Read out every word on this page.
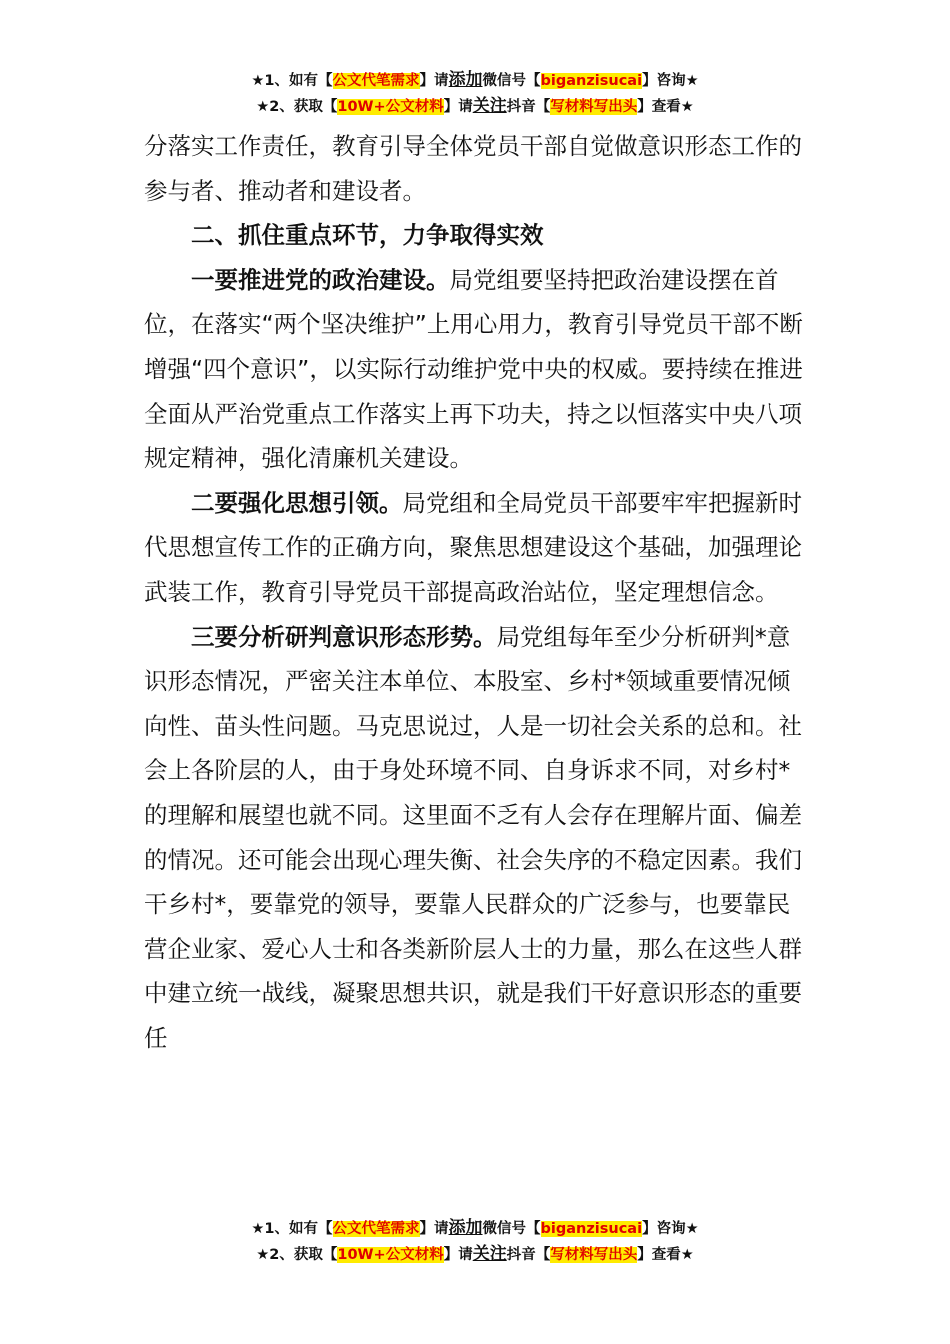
★1、如有【公文代笔需求】请添加微信号【biganzisucai】咨询★
★2、获取【10W+公文材料】请关注抖音【写材料写出头】查看★

分落实工作责任，教育引导全体党员干部自觉做意识形态工作的参与者、推动者和建设者。

二、抓住重点环节，力争取得实效

一要推进党的政治建设。局党组要坚持把政治建设摆在首位，在落实“两个坚决维护”上用心用力，教育引导党员干部不断增强“四个意识”，以实际行动维护党中央的权威。要持续在推进全面从严治党重点工作落实上再下功夫，持之以恒落实中央八项规定精神，强化清廉机关建设。

二要强化思想引领。局党组和全局党员干部要牢牢把握新时代思想宣传工作的正确方向，聚焦思想建设这个基础，加强理论武装工作，教育引导党员干部提高政治站位，坚定理想信念。

三要分析研判意识形态形势。局党组每年至少分析研判*意识形态情况，严密关注本单位、本股室、乡村*领域重要情况倾向性、苗头性问题。马克思说过，人是一切社会关系的总和。社会上各阶层的人，由于身处环境不同、自身诉求不同，对乡村*的理解和展望也就不同。这里面不乏有人会存在理解片面、偏差的情况。还可能会出现心理失衡、社会失序的不稳定因素。我们干乡村*，要靠党的领导，要靠人民群众的广泛参与，也要靠民营企业家、爱心人士和各类新阶层人士的力量，那么在这些人群中建立统一战线，凝聚思想共识，就是我们干好意识形态的重要任

★1、如有【公文代笔需求】请添加微信号【biganzisucai】咨询★
★2、获取【10W+公文材料】请关注抖音【写材料写出头】查看★
